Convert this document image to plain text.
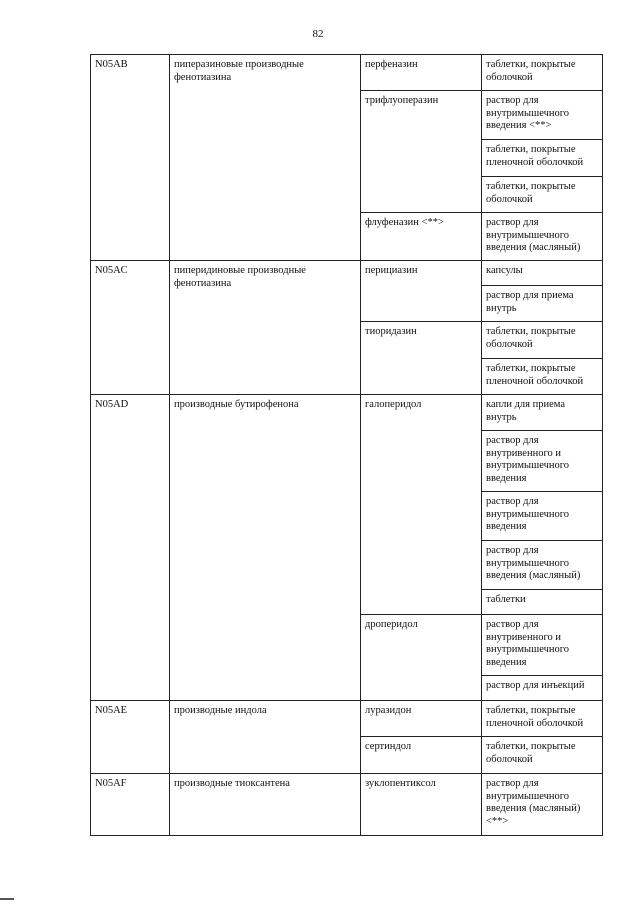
82
N05AB	пиперазиновые производные фенотиазина	перфеназин	таблетки, покрытые оболочкой
		трифлуоперазин	раствор для внутримышечного введения <**>
			таблетки, покрытые пленочной оболочкой
			таблетки, покрытые оболочкой
		флуфеназин <**>	раствор для внутримышечного введения (масляный)
N05AC	пиперидиновые производные фенотиазина	перициазин	капсулы
			раствор для приема внутрь
		тиоридазин	таблетки, покрытые оболочкой
			таблетки, покрытые пленочной оболочкой
N05AD	производные бутирофенона	галоперидол	капли для приема внутрь
			раствор для внутривенного и внутримышечного введения
			раствор для внутримышечного введения
			раствор для внутримышечного введения (масляный)
			таблетки
		дроперидол	раствор для внутривенного и внутримышечного введения
			раствор для инъекций
N05AE	производные индола	луразидон	таблетки, покрытые пленочной оболочкой
		сертиндол	таблетки, покрытые оболочкой
N05AF	производные тиоксантена	зуклопентиксол	раствор для внутримышечного введения (масляный) <**>
